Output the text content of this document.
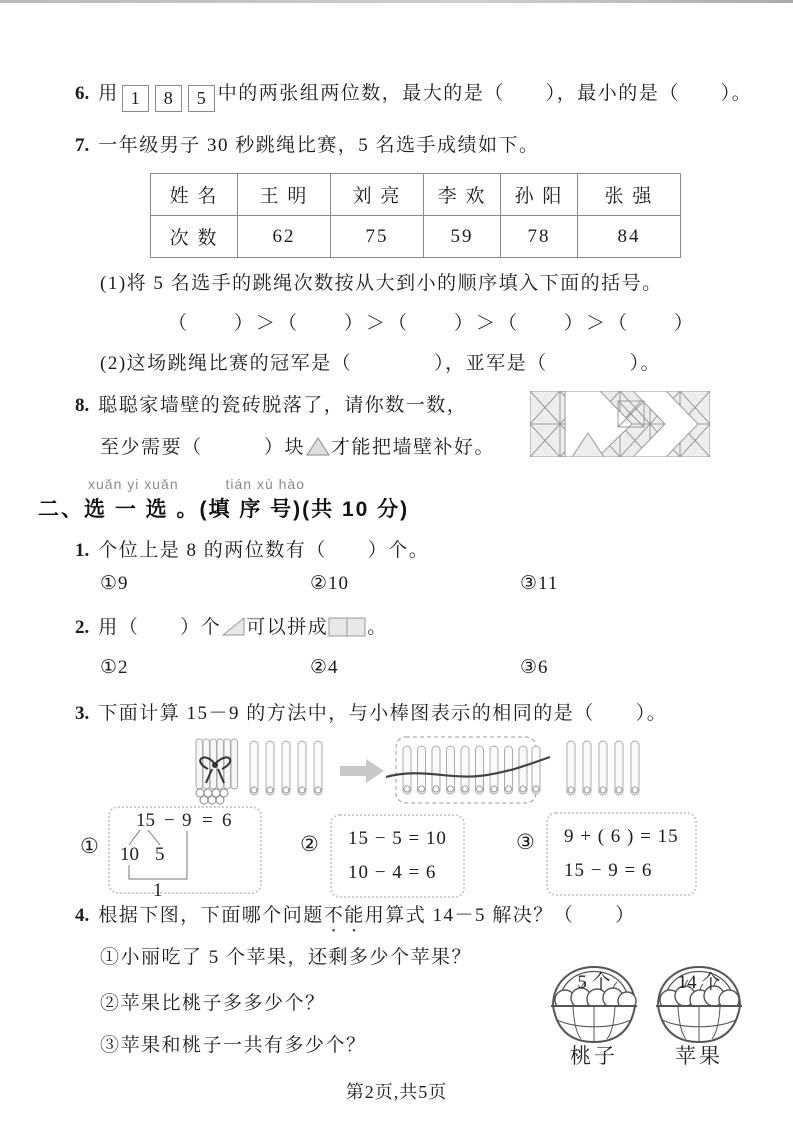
6. 用 1 8 5 中的两张组两位数，最大的是（　　），最小的是（　　）。
7. 一年级男子 30 秒跳绳比赛，5 名选手成绩如下。
姓 名	王 明	刘 亮	李 欢	孙 阳	张 强
次 数	62	75	59	78	84
(1)将 5 名选手的跳绳次数按从大到小的顺序填入下面的括号。
（　　）＞（　　）＞（　　）＞（　　）＞（　　）
(2)这场跳绳比赛的冠军是（　　　　），亚军是（　　　　）。
8. 聪聪家墙壁的瓷砖脱落了，请你数一数，
至少需要（　　　）块 才能把墙壁补好。
xuǎn yi xuǎn	tián xù hào
二、选 一 选 。(填 序 号)(共 10 分)
1. 个位上是 8 的两位数有（　　）个。
①9	②10	③11
2. 用（　　）个 可以拼成 。
①2	②4	③6
3. 下面计算 15－9 的方法中，与小棒图表示的相同的是（　　）。
①
15 − 9 = 6
10 5
1
②	15 − 5 = 10
10 − 4 = 6
③	9 + ( 6 ) = 15
15 − 9 = 6
4. 根据下图，下面哪个问题不能用算式 14－5 解决？（　　）
①小丽吃了 5 个苹果，还剩多少个苹果？
②苹果比桃子多多少个？
③苹果和桃子一共有多少个？
5 个
桃子
14 个
苹果
第2页,共5页
